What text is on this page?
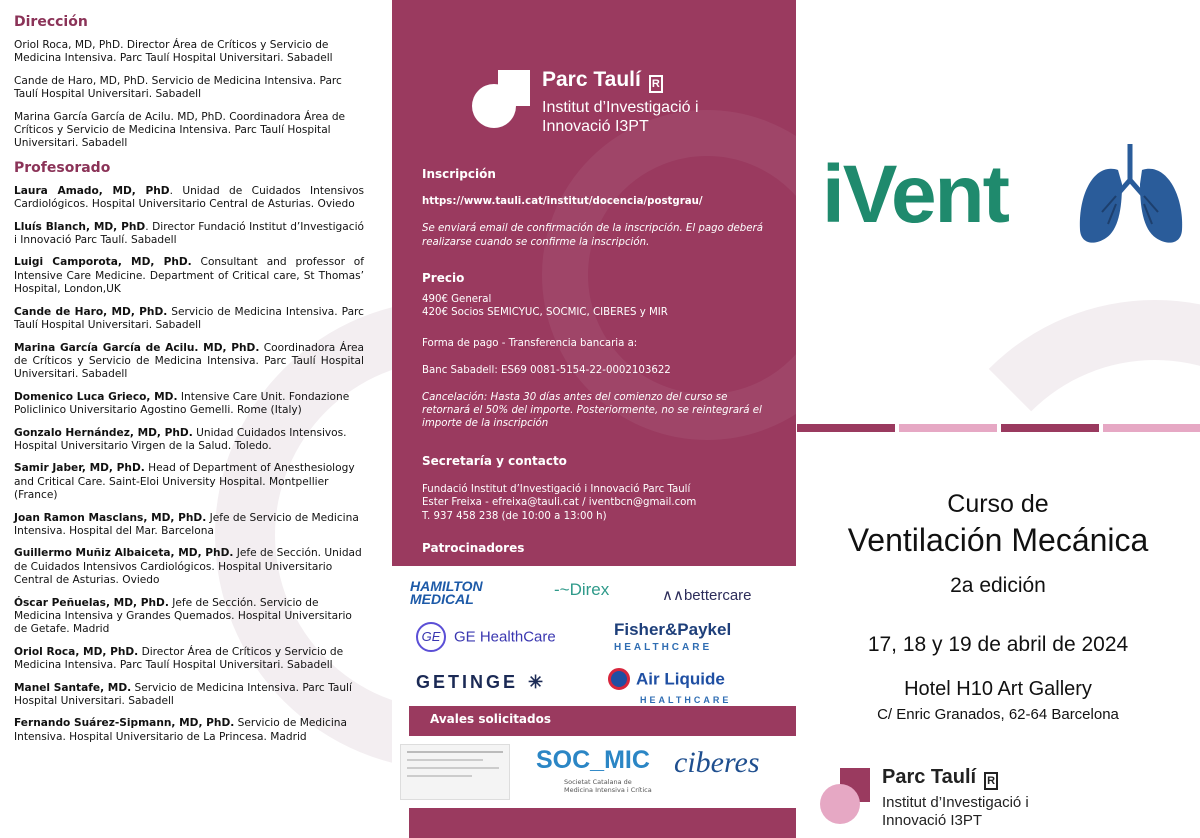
Dirección
Oriol Roca, MD, PhD. Director Área de Críticos y Servicio de Medicina Intensiva. Parc Taulí Hospital Universitari. Sabadell
Cande de Haro, MD, PhD. Servicio de Medicina Intensiva. Parc Taulí Hospital Universitari. Sabadell
Marina García García de Acilu. MD, PhD. Coordinadora Área de Críticos y Servicio de Medicina Intensiva. Parc Taulí Hospital Universitari. Sabadell
Profesorado
Laura Amado, MD, PhD. Unidad de Cuidados Intensivos Cardiológicos. Hospital Universitario Central de Asturias. Oviedo
Lluís Blanch, MD, PhD. Director Fundació Institut d’Investigació i Innovació Parc Taulí. Sabadell
Luigi Camporota, MD, PhD. Consultant and professor of Intensive Care Medicine. Department of Critical care, St Thomas’ Hospital, London,UK
Cande de Haro, MD, PhD. Servicio de Medicina Intensiva. Parc Taulí Hospital Universitari. Sabadell
Marina García García de Acilu. MD, PhD. Coordinadora Área de Críticos y Servicio de Medicina Intensiva. Parc Taulí Hospital Universitari. Sabadell
Domenico Luca Grieco, MD. Intensive Care Unit. Fondazione Policlinico Universitario Agostino Gemelli. Rome (Italy)
Gonzalo Hernández, MD, PhD. Unidad Cuidados Intensivos. Hospital Universitario Virgen de la Salud. Toledo.
Samir Jaber, MD, PhD. Head of Department of Anesthesiology and Critical Care. Saint-Eloi University Hospital. Montpellier (France)
Joan Ramon Masclans, MD, PhD. Jefe de Servicio de Medicina Intensiva. Hospital del Mar. Barcelona
Guillermo Muñiz Albaiceta, MD, PhD. Jefe de Sección. Unidad de Cuidados Intensivos Cardiológicos. Hospital Universitario Central de Asturias. Oviedo
Óscar Peñuelas, MD, PhD. Jefe de Sección. Servicio de Medicina Intensiva y Grandes Quemados. Hospital Universitario de Getafe. Madrid
Oriol Roca, MD, PhD. Director Área de Críticos y Servicio de Medicina Intensiva. Parc Taulí Hospital Universitari. Sabadell
Manel Santafe, MD. Servicio de Medicina Intensiva. Parc Taulí Hospital Universitari. Sabadell
Fernando Suárez-Sipmann, MD, PhD. Servicio de Medicina Intensiva. Hospital Universitario de La Princesa. Madrid
Parc Taulí R
Institut d’Investigació i
Innovació I3PT
Inscripción
https://www.tauli.cat/institut/docencia/postgrau/
Se enviará email de confirmación de la inscripción. El pago deberá realizarse cuando se confirme la inscripción.
Precio
490€ General
420€ Socios SEMICYUC, SOCMIC, CIBERES y MIR
Forma de pago - Transferencia bancaria a:
Banc Sabadell: ES69 0081-5154-22-0002103622
Cancelación: Hasta 30 días antes del comienzo del curso se retornará el 50% del importe. Posteriormente, no se reintegrará el importe de la inscripción
Secretaría y contacto
Fundació Institut d’Investigació i Innovació Parc Taulí
Ester Freixa - efreixa@tauli.cat / iventbcn@gmail.com
T. 937 458 238 (de 10:00 a 13:00 h)
Patrocinadores
HAMILTON
MEDICAL	-~Direx	∧∧bettercare
GE GE HealthCare	Fisher&Paykel
HEALTHCARE
GETINGE ✳	Air Liquide
HEALTHCARE
Avales solicitados
SOC_MIC
Societat Catalana de
Medicina Intensiva i Crítica
ciberes
iVent
Curso de
Ventilación Mecánica
2a edición
17, 18 y 19 de abril de 2024
Hotel H10 Art Gallery
C/ Enric Granados, 62-64 Barcelona
Parc Taulí R
Institut d’Investigació i
Innovació I3PT
